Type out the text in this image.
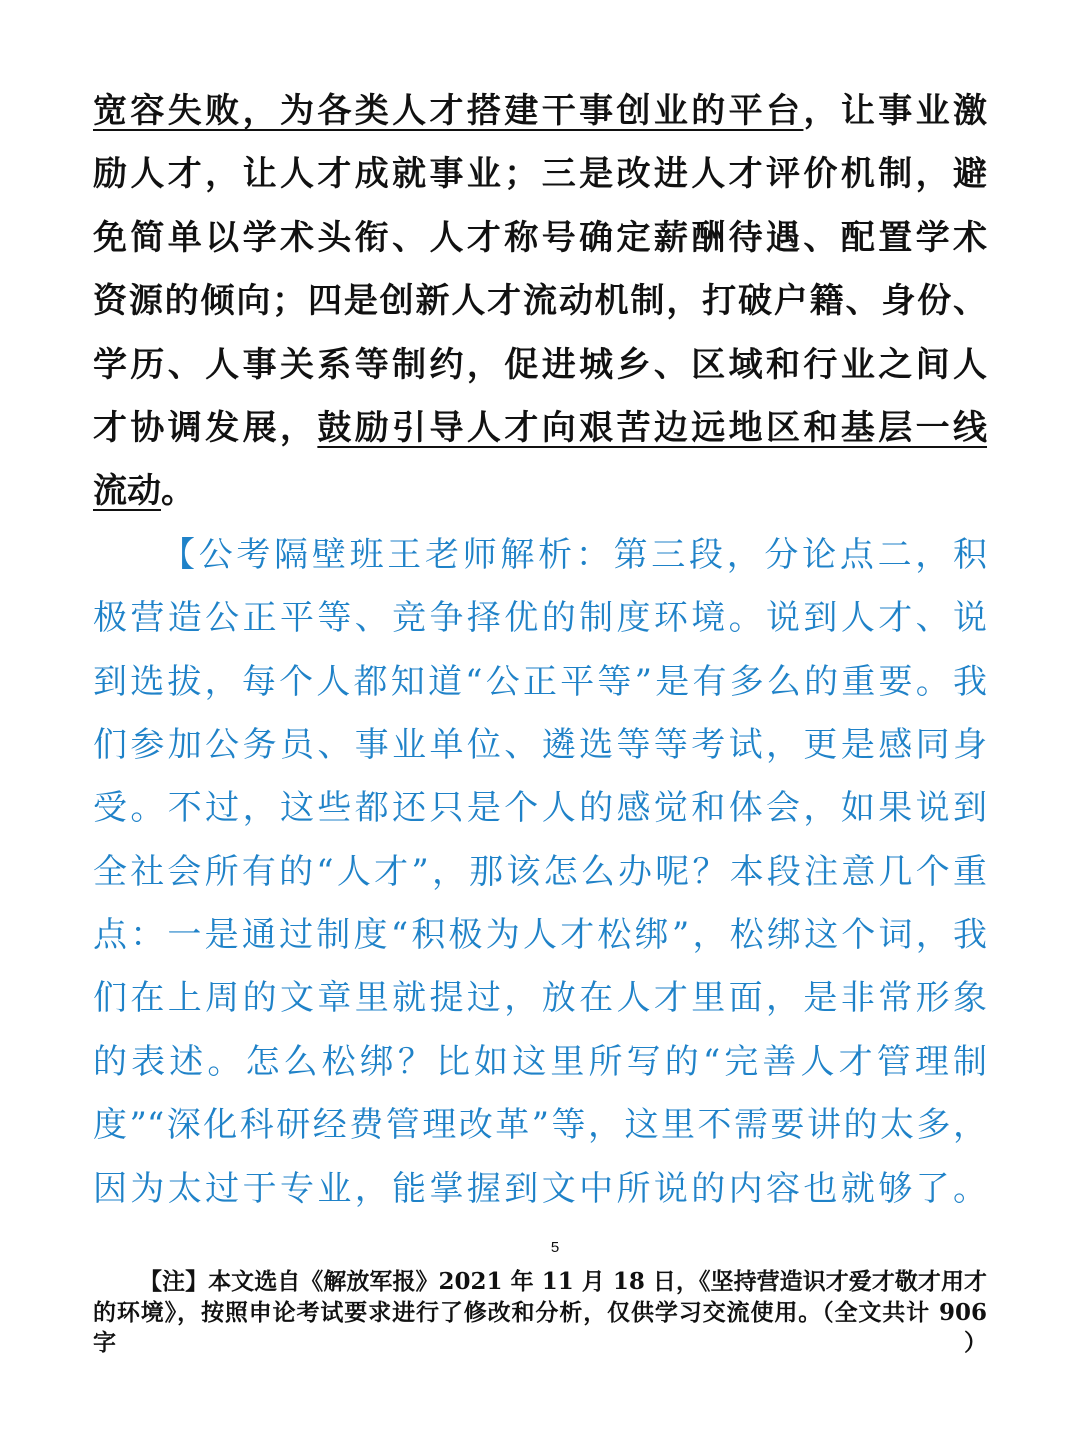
宽容失败，为各类人才搭建干事创业的平台，让事业激
励人才，让人才成就事业；三是改进人才评价机制，避
免简单以学术头衔、人才称号确定薪酬待遇、配置学术
资源的倾向；四是创新人才流动机制，打破户籍、身份、
学历、人事关系等制约，促进城乡、区域和行业之间人
才协调发展，鼓励引导人才向艰苦边远地区和基层一线
流动。
【公考隔壁班王老师解析：第三段，分论点二，积
极营造公正平等、竞争择优的制度环境。说到人才、说
到选拔，每个人都知道“公正平等”是有多么的重要。我
们参加公务员、事业单位、遴选等等考试，更是感同身
受。不过，这些都还只是个人的感觉和体会，如果说到
全社会所有的“人才”，那该怎么办呢？本段注意几个重
点：一是通过制度“积极为人才松绑”，松绑这个词，我
们在上周的文章里就提过，放在人才里面，是非常形象
的表述。怎么松绑？比如这里所写的“完善人才管理制
度”“深化科研经费管理改革”等，这里不需要讲的太多，
因为太过于专业，能掌握到文中所说的内容也就够了。
5
【注】本文选自《解放军报》2021 年 11 月 18 日，《坚持营造识才爱才敬才用才
的环境》，按照申论考试要求进行了修改和分析，仅供学习交流使用。（全文共计 906
字）
